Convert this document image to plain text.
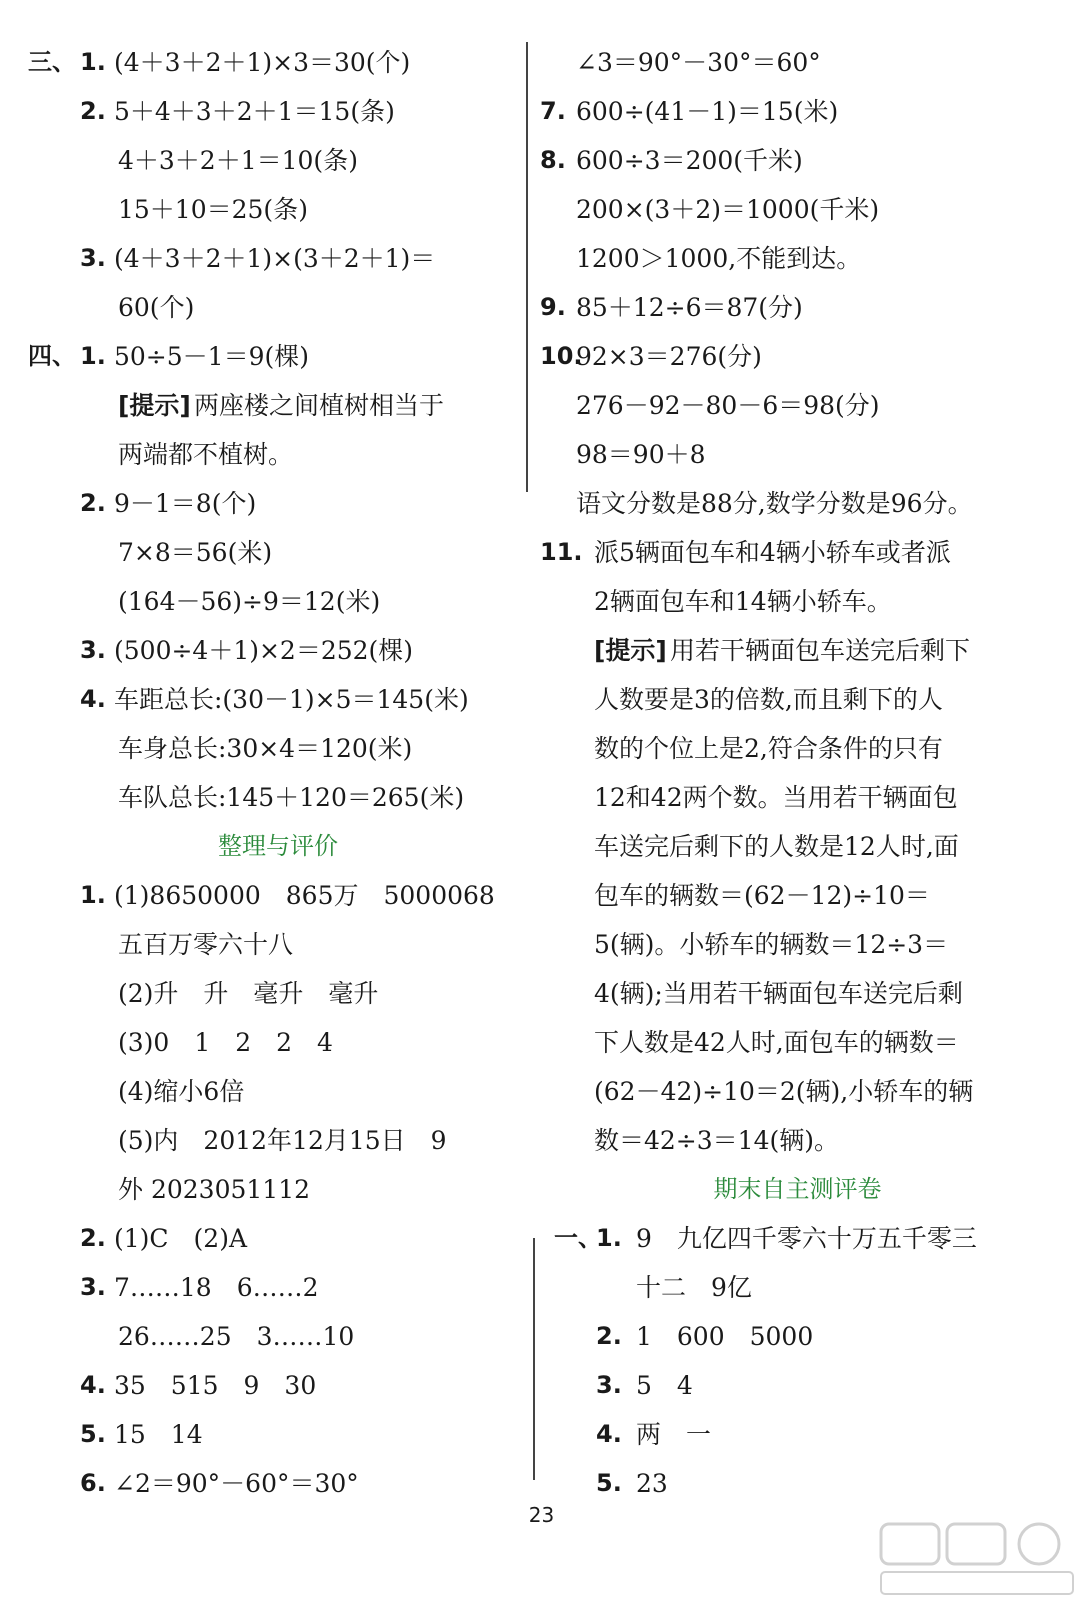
三、 1. (4＋3＋2＋1)×3＝30(个)
2. 5＋4＋3＋2＋1＝15(条)
4＋3＋2＋1＝10(条)
15＋10＝25(条)
3. (4＋3＋2＋1)×(3＋2＋1)＝
60(个)
四、 1. 50÷5－1＝9(棵)
[提示] 两座楼之间植树相当于
两端都不植树。
2. 9－1＝8(个)
7×8＝56(米)
(164－56)÷9＝12(米)
3. (500÷4＋1)×2＝252(棵)
4. 车距总长:(30－1)×5＝145(米)
车身总长:30×4＝120(米)
车队总长:145＋120＝265(米)
整理与评价
1. (1)8650000　865万　5000068
五百万零六十八
(2)升　升　毫升　毫升
(3)0　1　2　2　4
(4)缩小6倍
(5)内　2012年12月15日　9
外 2023051112
2. (1)C　(2)A
3. 7……18　6……2
26……25　3……10
4. 35　515　9　30
5. 15　14
6. ∠2＝90°－60°＝30°
∠3＝90°－30°＝60°
7. 600÷(41－1)＝15(米)
8. 600÷3＝200(千米)
200×(3＋2)＝1000(千米)
1200＞1000,不能到达。
9. 85＋12÷6＝87(分)
10.
92×3＝276(分)
276－92－80－6＝98(分)
98＝90＋8
语文分数是88分,数学分数是96分。
11. 派5辆面包车和4辆小轿车或者派
2辆面包车和14辆小轿车。
[提示] 用若干辆面包车送完后剩下
人数要是3的倍数,而且剩下的人
数的个位上是2,符合条件的只有
12和42两个数。当用若干辆面包
车送完后剩下的人数是12人时,面
包车的辆数＝(62－12)÷10＝
5(辆)。小轿车的辆数＝12÷3＝
4(辆);当用若干辆面包车送完后剩
下人数是42人时,面包车的辆数＝
(62－42)÷10＝2(辆),小轿车的辆
数＝42÷3＝14(辆)。
期末自主测评卷
一、
1. 9　九亿四千零六十万五千零三
十二　9亿
2. 1　600　5000
3. 5　4
4. 两　一
5. 23
23
